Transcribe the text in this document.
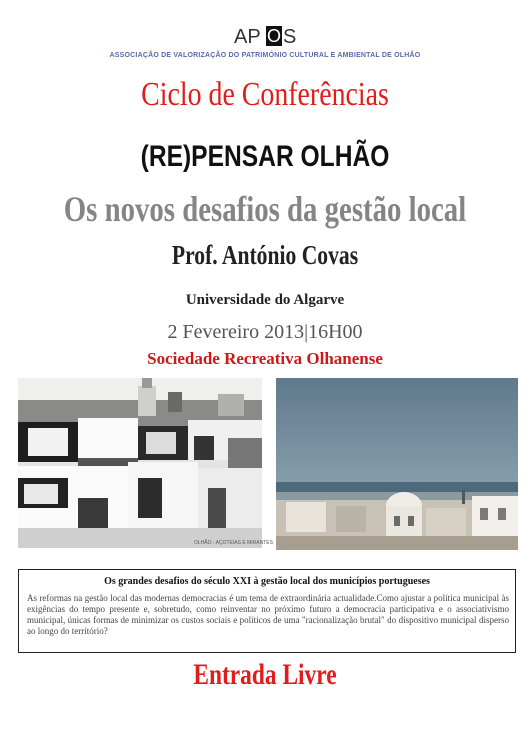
AP O S
ASSOCIAÇÃO DE VALORIZAÇÃO DO PATRIMÓNIO CULTURAL E AMBIENTAL DE OLHÃO
Ciclo de Conferências
(RE)PENSAR OLHÃO
Os novos desafios da gestão local
Prof. António Covas
Universidade do Algarve
2 Fevereiro 2013|16H00
Sociedade Recreativa Olhanense
OLHÃO - AÇOTEIAS E MIRANTES
Os grandes desafios do século XXI à gestão local dos municípios portugueses
As reformas na gestão local das modernas democracias é um tema de extraordinária actualidade.Como ajustar a política municipal às exigências do tempo presente e, sobretudo, como reinventar no próximo futuro a democracia participativa e o associativismo municipal, únicas formas de minimizar os custos sociais e políticos de uma "racionalização brutal" do dispositivo municipal disperso ao longo do território?
Entrada Livre
